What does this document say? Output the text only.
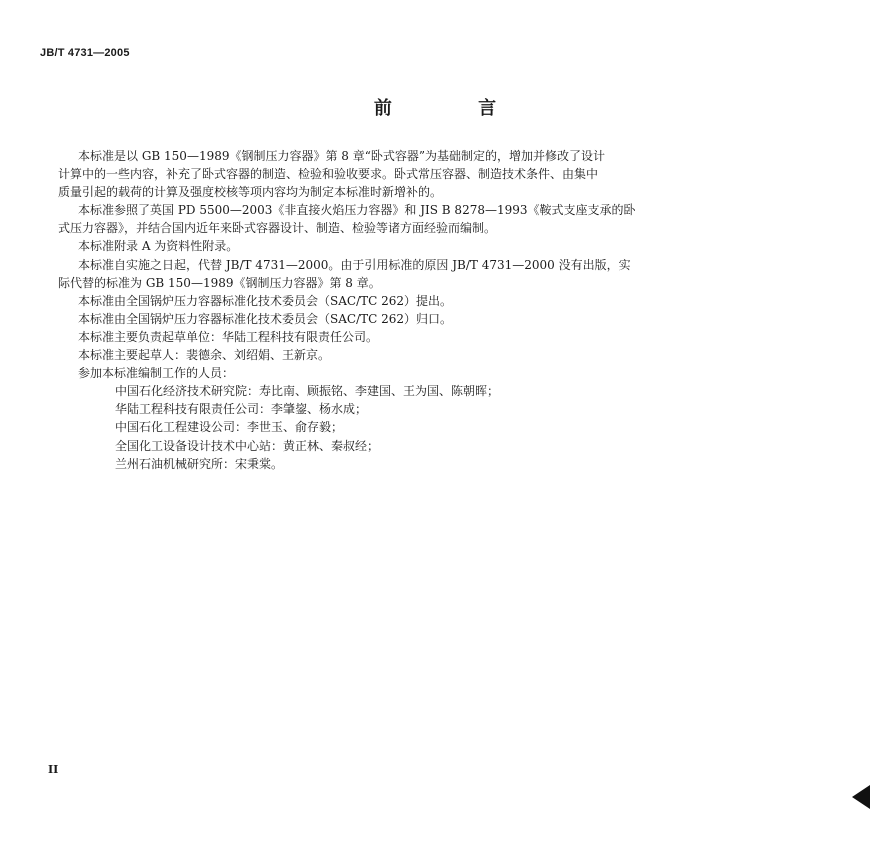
JB/T 4731—2005
前 言
本标准是以 GB 150—1989《钢制压力容器》第 8 章“卧式容器”为基础制定的，增加并修改了设计
计算中的一些内容，补充了卧式容器的制造、检验和验收要求。卧式常压容器、制造技术条件、由集中
质量引起的载荷的计算及强度校核等项内容均为制定本标准时新增补的。
本标准参照了英国 PD 5500—2003《非直接火焰压力容器》和 JIS B 8278—1993《鞍式支座支承的卧
式压力容器》，并结合国内近年来卧式容器设计、制造、检验等诸方面经验而编制。
本标准附录 A 为资料性附录。
本标准自实施之日起，代替 JB/T 4731—2000。由于引用标准的原因 JB/T 4731—2000 没有出版，实
际代替的标准为 GB 150—1989《钢制压力容器》第 8 章。
本标准由全国锅炉压力容器标准化技术委员会（SAC/TC 262）提出。
本标准由全国锅炉压力容器标准化技术委员会（SAC/TC 262）归口。
本标准主要负责起草单位：华陆工程科技有限责任公司。
本标准主要起草人：裴德余、刘绍娟、王新京。
参加本标准编制工作的人员：
中国石化经济技术研究院：寿比南、顾振铭、李建国、王为国、陈朝晖；
华陆工程科技有限责任公司：李肇鋆、杨水成；
中国石化工程建设公司：李世玉、俞存毅；
全国化工设备设计技术中心站：黄正林、秦叔经；
兰州石油机械研究所：宋秉棠。
II
